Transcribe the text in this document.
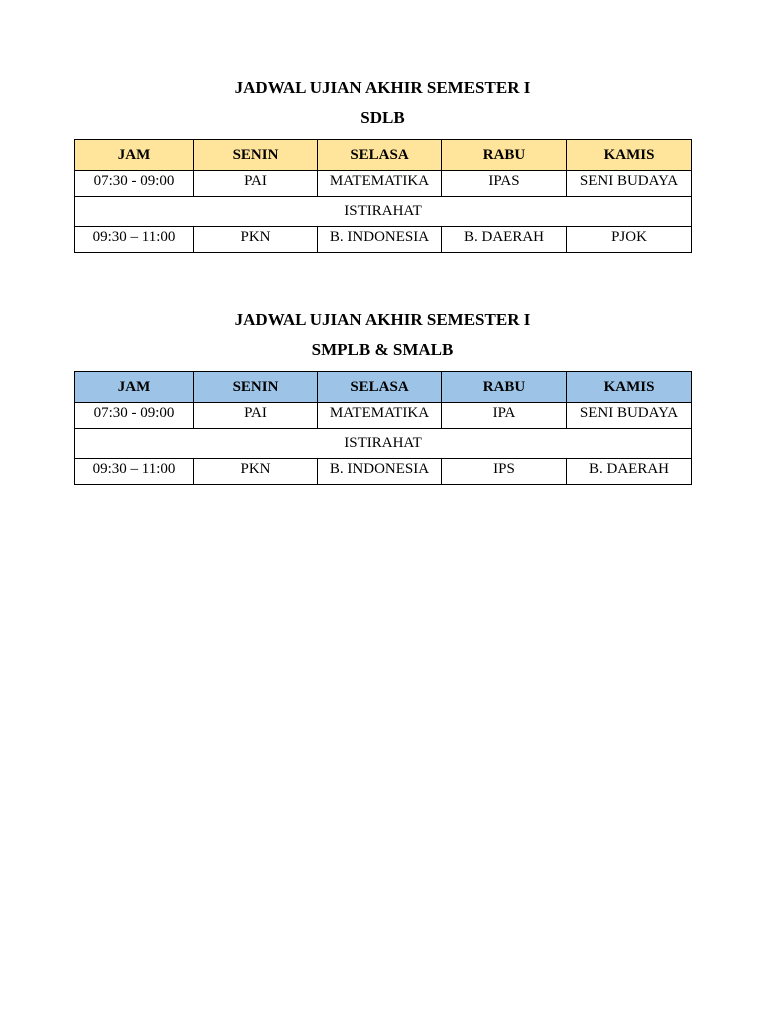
JADWAL UJIAN AKHIR SEMESTER I
SDLB
JAM	SENIN	SELASA	RABU	KAMIS
07:30 - 09:00	PAI	MATEMATIKA	IPAS	SENI BUDAYA
ISTIRAHAT				
09:30 – 11:00	PKN	B. INDONESIA	B. DAERAH	PJOK
JADWAL UJIAN AKHIR SEMESTER I
SMPLB & SMALB
JAM	SENIN	SELASA	RABU	KAMIS
07:30 - 09:00	PAI	MATEMATIKA	IPA	SENI BUDAYA
ISTIRAHAT				
09:30 – 11:00	PKN	B. INDONESIA	IPS	B. DAERAH
